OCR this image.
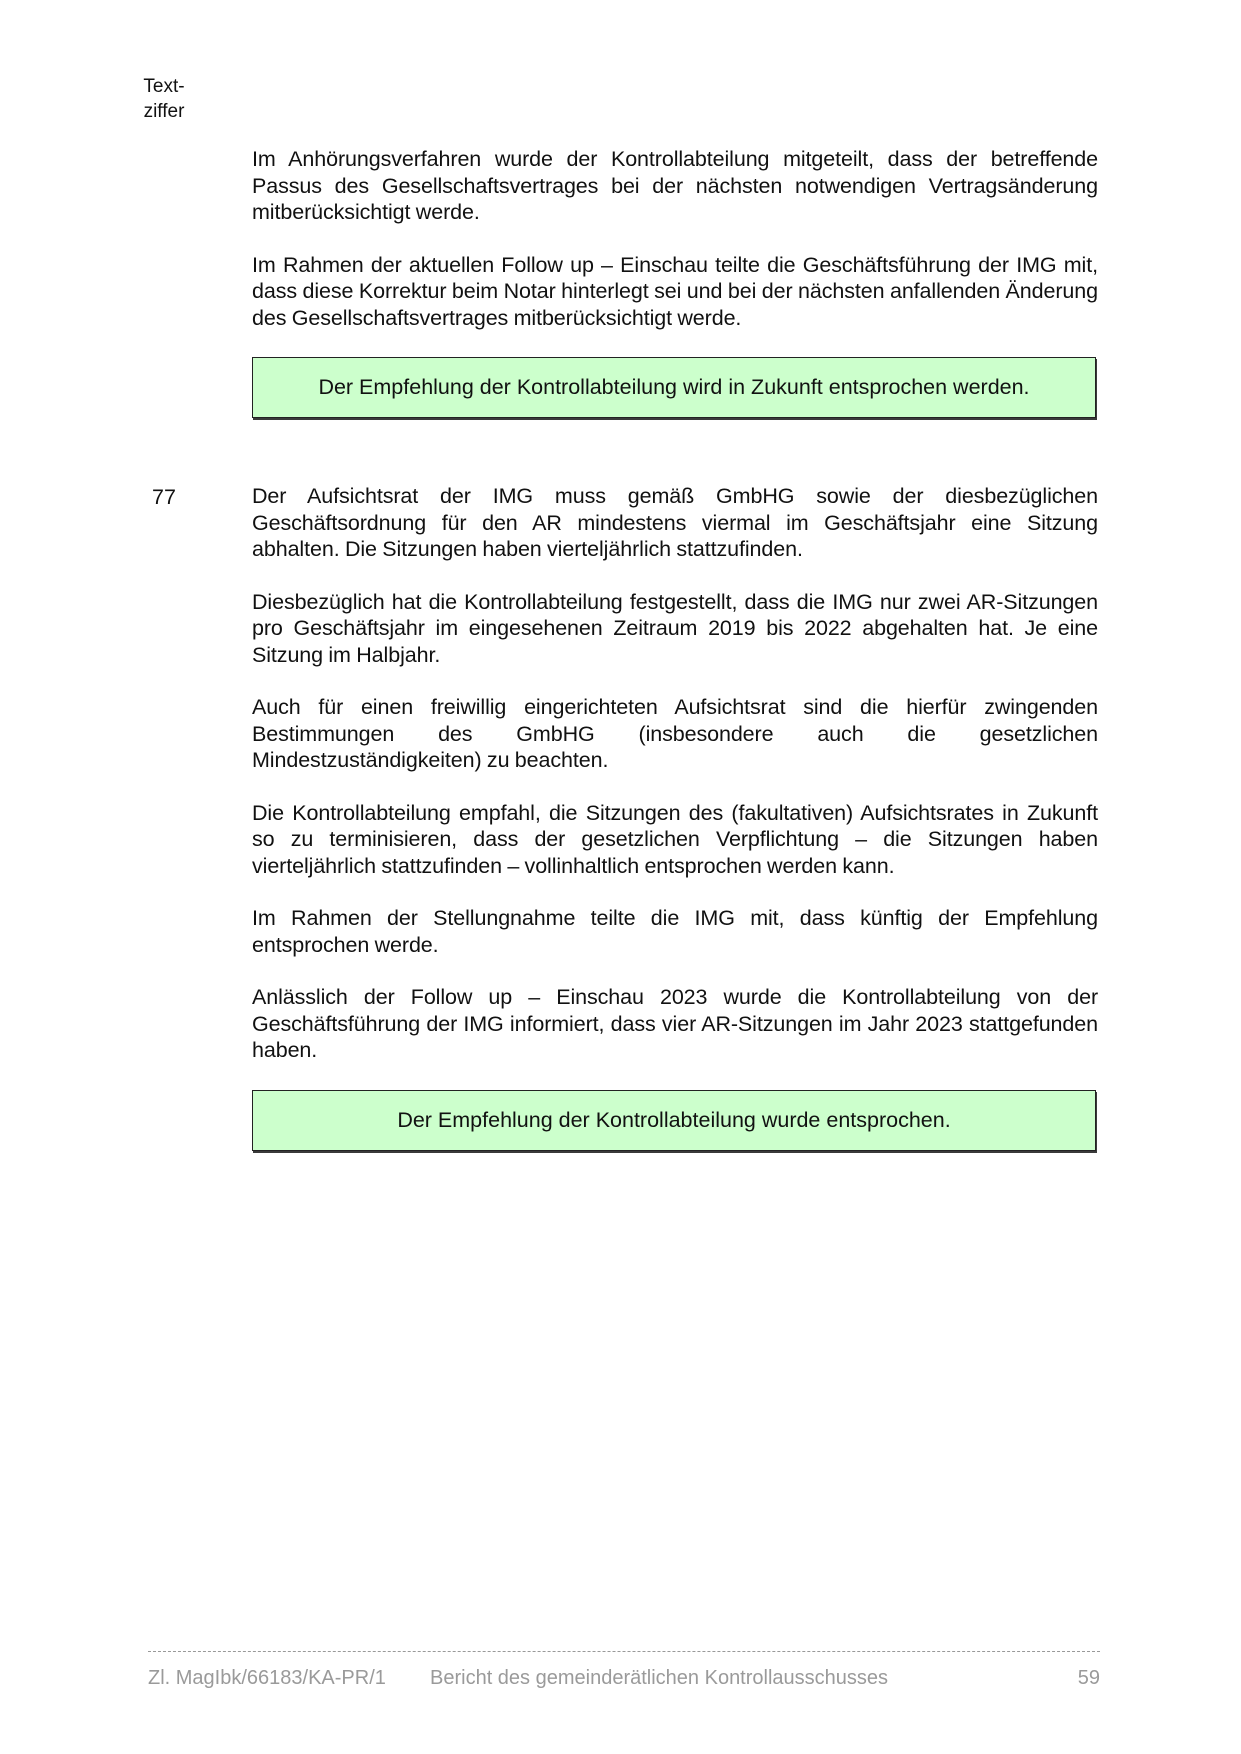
Text-
ziffer
77

Im Anhörungsverfahren wurde der Kontrollabteilung mitgeteilt, dass der betreffende Passus des Gesellschaftsvertrages bei der nächsten notwendigen Vertragsänderung mitberücksichtigt werde.

Im Rahmen der aktuellen Follow up – Einschau teilte die Geschäftsführung der IMG mit, dass diese Korrektur beim Notar hinterlegt sei und bei der nächsten anfallenden Änderung des Gesellschaftsvertrages mitberücksichtigt werde.

Der Empfehlung der Kontrollabteilung wird in Zukunft entsprochen werden.

Der Aufsichtsrat der IMG muss gemäß GmbHG sowie der diesbezüglichen Geschäftsordnung für den AR mindestens viermal im Geschäftsjahr eine Sitzung abhalten. Die Sitzungen haben vierteljährlich stattzufinden.

Diesbezüglich hat die Kontrollabteilung festgestellt, dass die IMG nur zwei AR-Sitzungen pro Geschäftsjahr im eingesehenen Zeitraum 2019 bis 2022 abgehalten hat. Je eine Sitzung im Halbjahr.

Auch für einen freiwillig eingerichteten Aufsichtsrat sind die hierfür zwingenden Bestimmungen des GmbHG (insbesondere auch die gesetzlichen Mindestzuständigkeiten) zu beachten.

Die Kontrollabteilung empfahl, die Sitzungen des (fakultativen) Aufsichtsrates in Zukunft so zu terminisieren, dass der gesetzlichen Verpflichtung – die Sitzungen haben vierteljährlich stattzufinden – vollinhaltlich entsprochen werden kann.

Im Rahmen der Stellungnahme teilte die IMG mit, dass künftig der Empfehlung entsprochen werde.

Anlässlich der Follow up – Einschau 2023 wurde die Kontrollabteilung von der Geschäftsführung der IMG informiert, dass vier AR-Sitzungen im Jahr 2023 stattgefunden haben.

Der Empfehlung der Kontrollabteilung wurde entsprochen.
Zl. MagIbk/66183/KA-PR/1 Bericht des gemeinderätlichen Kontrollausschusses	59
